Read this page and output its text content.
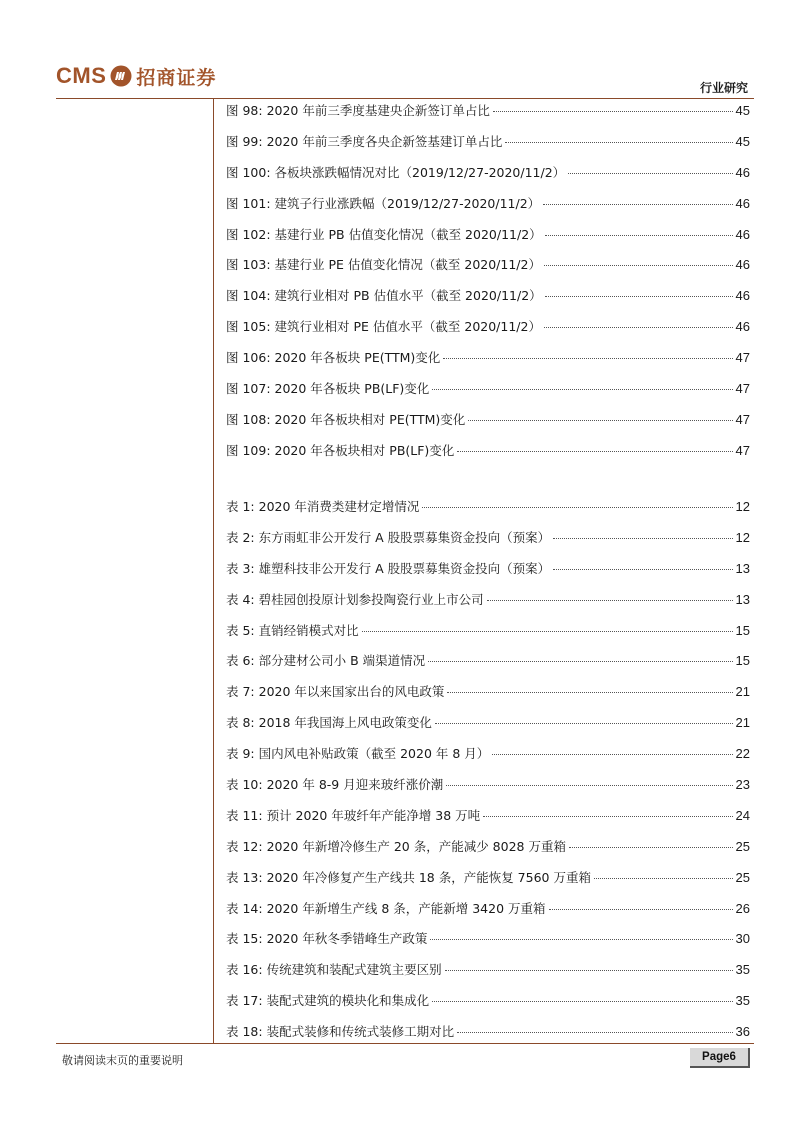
CMS 招商证券	行业研究
图 98: 2020 年前三季度基建央企新签订单占比	45
图 99: 2020 年前三季度各央企新签基建订单占比	45
图 100: 各板块涨跌幅情况对比（2019/12/27-2020/11/2）	46
图 101: 建筑子行业涨跌幅（2019/12/27-2020/11/2）	46
图 102: 基建行业 PB 估值变化情况（截至 2020/11/2）	46
图 103: 基建行业 PE 估值变化情况（截至 2020/11/2）	46
图 104: 建筑行业相对 PB 估值水平（截至 2020/11/2）	46
图 105: 建筑行业相对 PE 估值水平（截至 2020/11/2）	46
图 106: 2020 年各板块 PE(TTM)变化	47
图 107: 2020 年各板块 PB(LF)变化	47
图 108: 2020 年各板块相对 PE(TTM)变化	47
图 109: 2020 年各板块相对 PB(LF)变化	47
表 1: 2020 年消费类建材定增情况	12
表 2: 东方雨虹非公开发行 A 股股票募集资金投向（预案）	12
表 3: 雄塑科技非公开发行 A 股股票募集资金投向（预案）	13
表 4: 碧桂园创投原计划参投陶瓷行业上市公司	13
表 5: 直销经销模式对比	15
表 6: 部分建材公司小 B 端渠道情况	15
表 7: 2020 年以来国家出台的风电政策	21
表 8: 2018 年我国海上风电政策变化	21
表 9: 国内风电补贴政策（截至 2020 年 8 月）	22
表 10: 2020 年 8-9 月迎来玻纤涨价潮	23
表 11: 预计 2020 年玻纤年产能净增 38 万吨	24
表 12: 2020 年新增冷修生产 20 条，产能减少 8028 万重箱	25
表 13: 2020 年冷修复产生产线共 18 条，产能恢复 7560 万重箱	25
表 14: 2020 年新增生产线 8 条，产能新增 3420 万重箱	26
表 15: 2020 年秋冬季错峰生产政策	30
表 16: 传统建筑和装配式建筑主要区别	35
表 17: 装配式建筑的模块化和集成化	35
表 18: 装配式装修和传统式装修工期对比	36
敬请阅读末页的重要说明	Page6
